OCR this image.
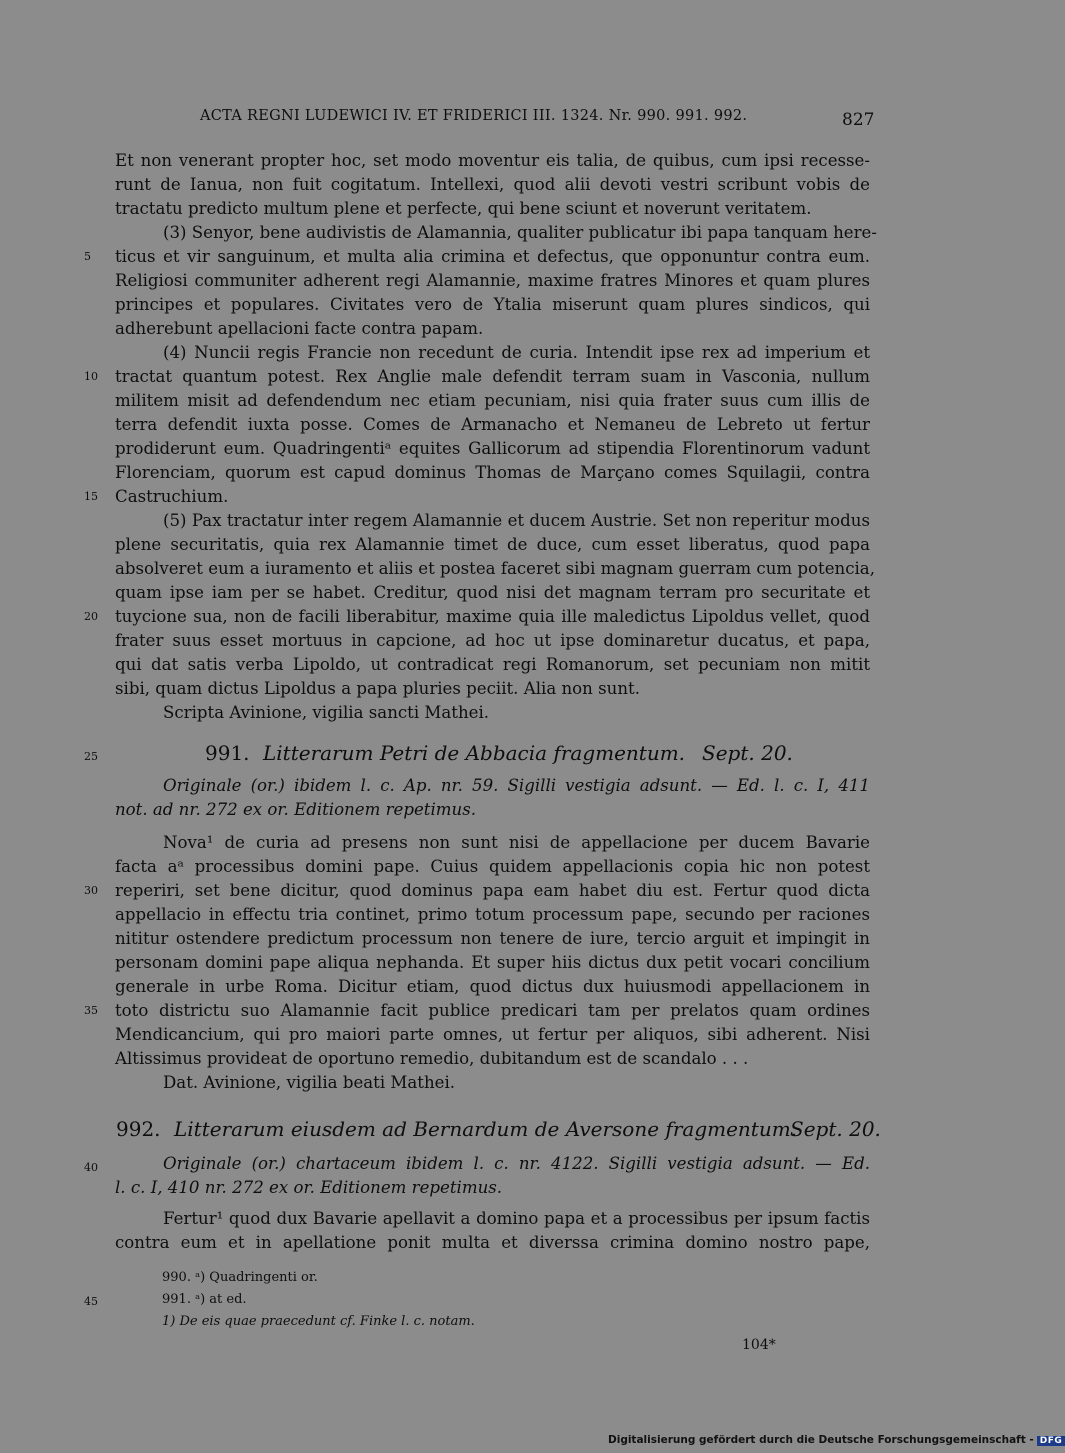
ACTA REGNI LUDEWICI IV. ET FRIDERICI III. 1324. Nr. 990. 991. 992.	827
Et non venerant propter hoc, set modo moventur eis talia, de quibus, cum ipsi recesse-
runt de Ianua, non fuit cogitatum. Intellexi, quod alii devoti vestri scribunt vobis de
tractatu predicto multum plene et perfecte, qui bene sciunt et noverunt veritatem.
(3) Senyor, bene audivistis de Alamannia, qualiter publicatur ibi papa tanquam here-
ticus et vir sanguinum, et multa alia crimina et defectus, que opponuntur contra eum.
Religiosi communiter adherent regi Alamannie, maxime fratres Minores et quam plures
principes et populares. Civitates vero de Ytalia miserunt quam plures sindicos, qui
adherebunt apellacioni facte contra papam.
(4) Nuncii regis Francie non recedunt de curia. Intendit ipse rex ad imperium et
tractat quantum potest. Rex Anglie male defendit terram suam in Vasconia, nullum
militem misit ad defendendum nec etiam pecuniam, nisi quia frater suus cum illis de
terra defendit iuxta posse. Comes de Armanacho et Nemaneu de Lebreto ut fertur
prodiderunt eum. Quadringentiᵃ equites Gallicorum ad stipendia Florentinorum vadunt
Florenciam, quorum est capud dominus Thomas de Marçano comes Squilagii, contra
Castruchium.
(5) Pax tractatur inter regem Alamannie et ducem Austrie. Set non reperitur modus
plene securitatis, quia rex Alamannie timet de duce, cum esset liberatus, quod papa
absolveret eum a iuramento et aliis et postea faceret sibi magnam guerram cum potencia,
quam ipse iam per se habet. Creditur, quod nisi det magnam terram pro securitate et
tuycione sua, non de facili liberabitur, maxime quia ille maledictus Lipoldus vellet, quod
frater suus esset mortuus in capcione, ad hoc ut ipse dominaretur ducatus, et papa,
qui dat satis verba Lipoldo, ut contradicat regi Romanorum, set pecuniam non mitit
sibi, quam dictus Lipoldus a papa pluries peciit. Alia non sunt.
Scripta Avinione, vigilia sancti Mathei.
5
10
15
20
25	991. Litterarum Petri de Abbacia fragmentum. Sept. 20.
Originale (or.) ibidem l. c. Ap. nr. 59. Sigilli vestigia adsunt. — Ed. l. c. I, 411
not. ad nr. 272 ex or. Editionem repetimus.
Nova¹ de curia ad presens non sunt nisi de appellacione per ducem Bavarie
facta aᵃ processibus domini pape. Cuius quidem appellacionis copia hic non potest
reperiri, set bene dicitur, quod dominus papa eam habet diu est. Fertur quod dicta
appellacio in effectu tria continet, primo totum processum pape, secundo per raciones
nititur ostendere predictum processum non tenere de iure, tercio arguit et impingit in
personam domini pape aliqua nephanda. Et super hiis dictus dux petit vocari concilium
generale in urbe Roma. Dicitur etiam, quod dictus dux huiusmodi appellacionem in
toto districtu suo Alamannie facit publice predicari tam per prelatos quam ordines
Mendicancium, qui pro maiori parte omnes, ut fertur per aliquos, sibi adherent. Nisi
Altissimus provideat de oportuno remedio, dubitandum est de scandalo . . .
Dat. Avinione, vigilia beati Mathei.
30
35
992. Litterarum eiusdem ad Bernardum de Aversone fragmentum.
Sept. 20.
40	Originale (or.) chartaceum ibidem l. c. nr. 4122. Sigilli vestigia adsunt. — Ed.
l. c. I, 410 nr. 272 ex or. Editionem repetimus.
Fertur¹ quod dux Bavarie apellavit a domino papa et a processibus per ipsum factis
contra eum et in apellatione ponit multa et diverssa crimina domino nostro pape,
990. ᵃ) Quadringenti or.
45	991. ᵃ) at ed.
1) De eis quae praecedunt cf. Finke l. c. notam.
104*
Digitalisierung gefördert durch die Deutsche Forschungsgemeinschaft - DFG
